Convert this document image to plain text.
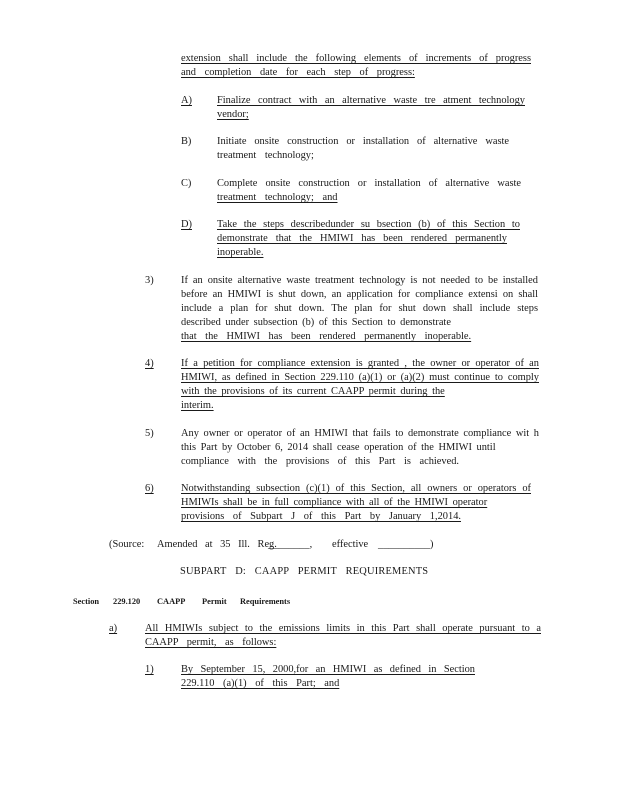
extension shall include the following elements of increments of progress
and completion date for each step of progress:
A) Finalize contract with an alternative waste tre atment technology
vendor;
B) Initiate onsite construction or installation of alternative waste
treatment technology;
C) Complete onsite construction or installation of alternative waste
treatment technology; and
D) Take the steps describedunder su bsection (b) of this Section to
demonstrate that the HMIWI has been rendered permanently
inoperable.
3)	If an onsite alternative waste treatment technology is not needed to be installed before an HMIWI is shut down, an application for compliance extensi on shall include a plan for shut down. The plan for shut down shall include steps described under subsection (b) of this Section to demonstrate
that the HMIWI has been rendered permanently inoperable.
4)	If a petition for compliance extension is granted , the owner or operator of an HMIWI, as defined in Section 229.110 (a)(1) or (a)(2) must continue to comply with the provisions of its current CAAPP permit during the
interim.
5)	Any owner or operator of an HMIWI that fails to demonstrate compliance wit h this Part by October 6, 2014 shall cease operation of the HMIWI until
compliance with the provisions of this Part is achieved.
6)	Notwithstanding subsection (c)(1) of this Section, all owners or operators of HMIWIs shall be in full compliance with all of the HMIWI operator
provisions of Subpart J of this Part by January 1,2014.
(Source: Amended at 35 Ill. Reg.
________, effective __________)
SUBPART D: CAAPP PERMIT REQUIREMENTS
Section 229.120 CAAPP Permit Requirements
a)	All HMIWIs subject to the emissions limits in this Part shall operate pursuant to a
CAAPP permit, as follows:
1)	By September 15, 2000,for an HMIWI as defined in Section
229.110 (a)(1) of this Part; and
